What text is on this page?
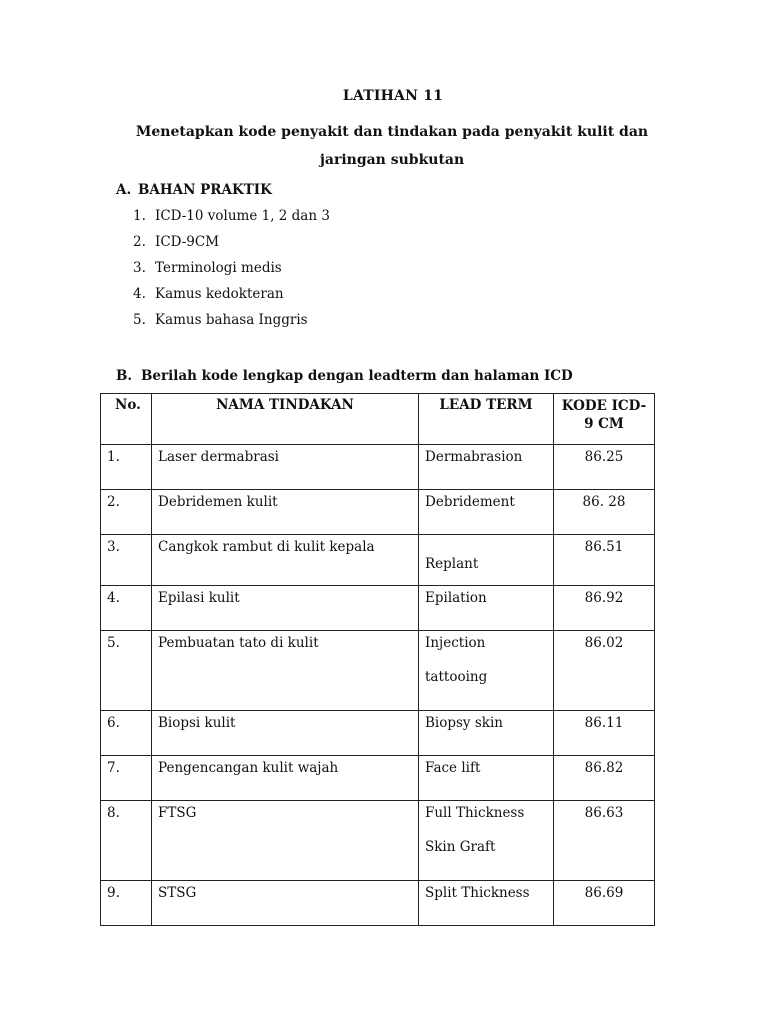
LATIHAN 11
Menetapkan kode penyakit dan tindakan pada penyakit kulit dan jaringan subkutan
A. BAHAN PRAKTIK
1. ICD-10 volume 1, 2 dan 3
2. ICD-9CM
3. Terminologi medis
4. Kamus kedokteran
5. Kamus bahasa Inggris
B. Berilah kode lengkap dengan leadterm dan halaman ICD
No.	NAMA TINDAKAN	LEAD TERM	KODE ICD-9 CM

1.	Laser dermabrasi	Dermabrasion	86.25

2.	Debridemen kulit	Debridement	86. 28

3.	Cangkok rambut di kulit kepala	Replant	86.51

4.	Epilasi kulit	Epilation	86.92

5.	Pembuatan tato di kulit	Injection
tattooing	86.02

6.	Biopsi kulit	Biopsy skin	86.11

7.	Pengencangan kulit wajah	Face lift	86.82

8.	FTSG	Full Thickness
Skin Graft	86.63

9.	STSG	Split Thickness	86.69
